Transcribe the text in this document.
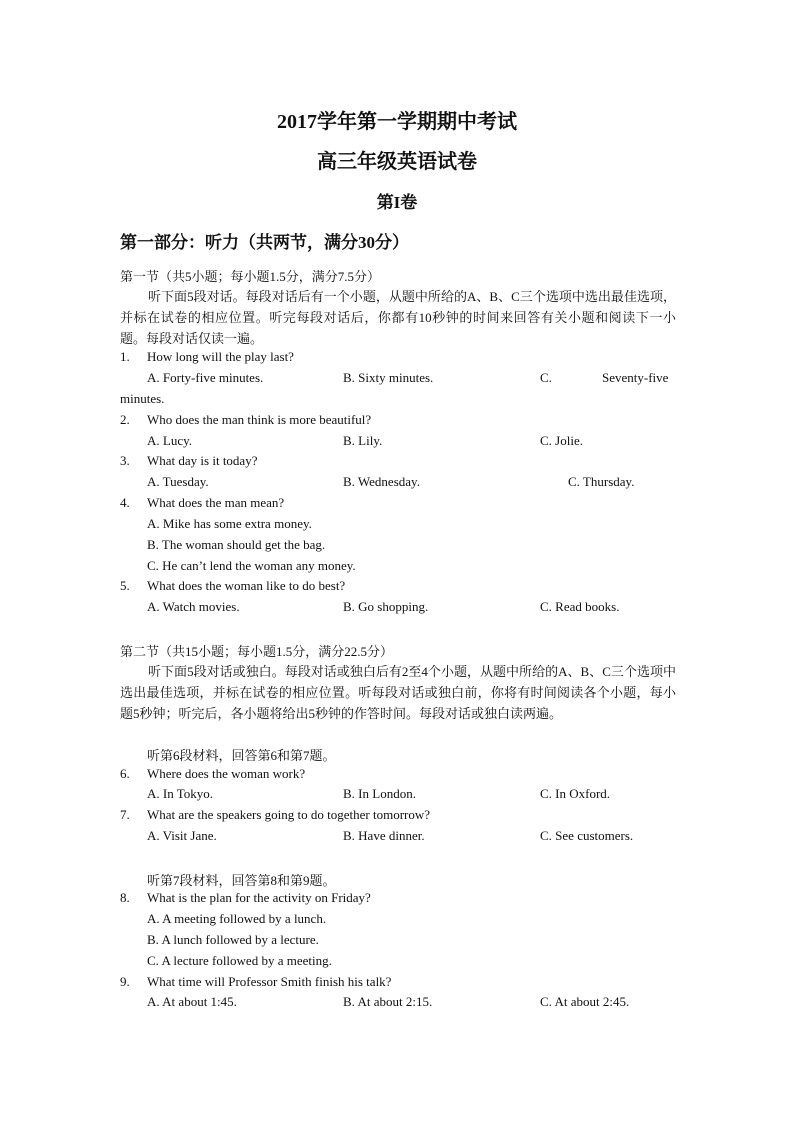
2017学年第一学期期中考试
高三年级英语试卷
第I卷
第一部分：听力（共两节，满分30分）
第一节（共5小题；每小题1.5分，满分7.5分）
听下面5段对话。每段对话后有一个小题，从题中所给的A、B、C三个选项中选出最佳选项，并标在试卷的相应位置。听完每段对话后，你都有10秒钟的时间来回答有关小题和阅读下一小题。每段对话仅读一遍。
1. How long will the play last?
A. Forty-five minutes.	B. Sixty minutes.	C.	Seventy-five
minutes.
2. Who does the man think is more beautiful?
A. Lucy.	B. Lily.	C. Jolie.
3. What day is it today?
A. Tuesday.	B. Wednesday.	C. Thursday.
4. What does the man mean?
A. Mike has some extra money.
B. The woman should get the bag.
C. He can’t lend the woman any money.
5. What does the woman like to do best?
A. Watch movies.	B. Go shopping.	C. Read books.
第二节（共15小题；每小题1.5分，满分22.5分）
听下面5段对话或独白。每段对话或独白后有2至4个小题，从题中所给的A、B、C三个选项中选出最佳选项，并标在试卷的相应位置。听每段对话或独白前，你将有时间阅读各个小题，每小题5秒钟；听完后，各小题将给出5秒钟的作答时间。每段对话或独白读两遍。
听第6段材料，回答第6和第7题。
6. Where does the woman work?
A. In Tokyo.	B. In London.	C. In Oxford.
7. What are the speakers going to do together tomorrow?
A. Visit Jane.	B. Have dinner.	C. See customers.
听第7段材料，回答第8和第9题。
8. What is the plan for the activity on Friday?
A. A meeting followed by a lunch.
B. A lunch followed by a lecture.
C. A lecture followed by a meeting.
9. What time will Professor Smith finish his talk?
A. At about 1:45.	B. At about 2:15.	C. At about 2:45.
